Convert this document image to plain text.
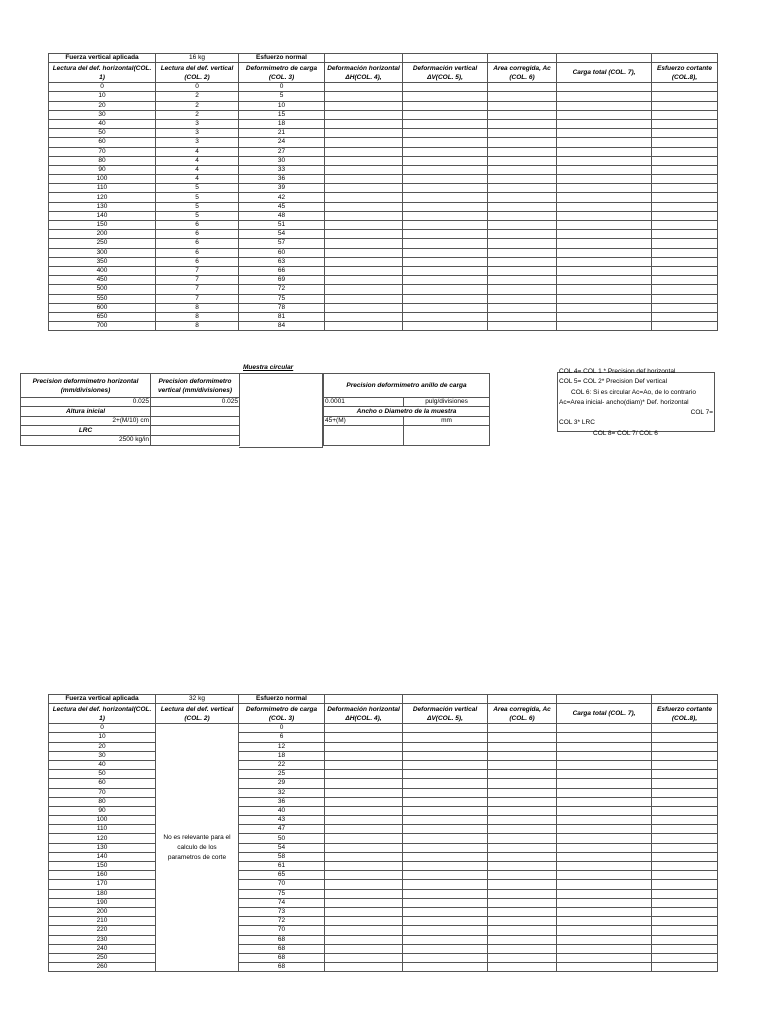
Fuerza vertical aplicada	16 kg	Esfuerzo normal					
Lectura del def. horizontal(COL. 1)	Lectura del def. vertical (COL. 2)	Deformimetro de carga (COL. 3)	Deformación horizontal ΔH(COL. 4),	Deformación vertical ΔV(COL. 5),	Area corregida, Ac (COL. 6)	Carga total (COL. 7),	Esfuerzo cortante (COL.8),
0	0	0					
10	2	5					
20	2	10					
30	2	15					
40	3	18					
50	3	21					
60	3	24					
70	4	27					
80	4	30					
90	4	33					
100	4	36					
110	5	39					
120	5	42					
130	5	45					
140	5	48					
150	6	51					
200	6	54					
250	6	57					
300	6	60					
350	6	63					
400	7	66					
450	7	69					
500	7	72					
550	7	75					
600	8	78					
650	8	81					
700	8	84					
Muestra circular
Precision deformimetro horizontal (mm/divisiones)	Precision deformimetro vertical (mm/divisiones)
0.025	0.025
Altura inicial	
2+(M/10) cm	
LRC	
2500 kg/in	
Precision deformimetro anillo de carga	
0.0001	pulg/divisiones
Ancho o Diametro de la muestra	
45+(M)	mm

COL 4= COL 1 * Precision def horizontal
COL 5= COL 2* Precision Def vertical
COL 6: Si es circular Ac=Ao, de lo contrario
Ac=Area inicial- ancho(diam)* Def. horizontal
COL 7=
COL 3* LRC
COL 8= COL 7/ COL 6
Fuerza vertical aplicada	32 kg	Esfuerzo normal					
Lectura del def. horizontal(COL. 1)	Lectura del def. vertical (COL. 2)	Deformimetro de carga (COL. 3)	Deformación horizontal ΔH(COL. 4),	Deformación vertical ΔV(COL. 5),	Area corregida, Ac (COL. 6)	Carga total (COL. 7),	Esfuerzo cortante (COL.8),
0	No es relevante para el calculo de los parametros de corte	0					
10		6					
20		12					
30		18					
40		22					
50		25					
60		29					
70		32					
80		36					
90		40					
100		43					
110		47					
120		50					
130		54					
140		58					
150		61					
160		65					
170		70					
180		75					
190		74					
200		73					
210		72					
220		70					
230		68					
240		68					
250		68					
260		68					
